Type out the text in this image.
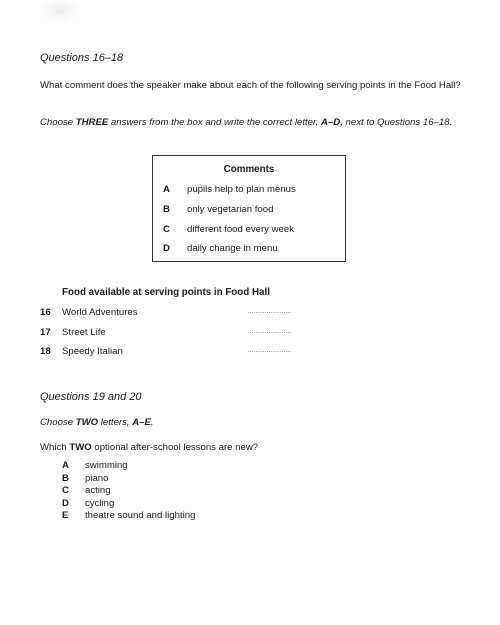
Questions 16–18
What comment does the speaker make about each of the following serving points in the Food Hall?
Choose THREE answers from the box and write the correct letter, A–D, next to Questions 16–18.
Comments
A pupils help to plan menus
B only vegetarian food
C different food every week
D daily change in menu
Food available at serving points in Food Hall
16 World Adventures	.......................
17 Street Life	.......................
18 Speedy Italian	.......................
Questions 19 and 20
Choose TWO letters, A–E.
Which TWO optional after-school lessons are new?
A swimming
B piano
C acting
D cycling
E theatre sound and lighting
